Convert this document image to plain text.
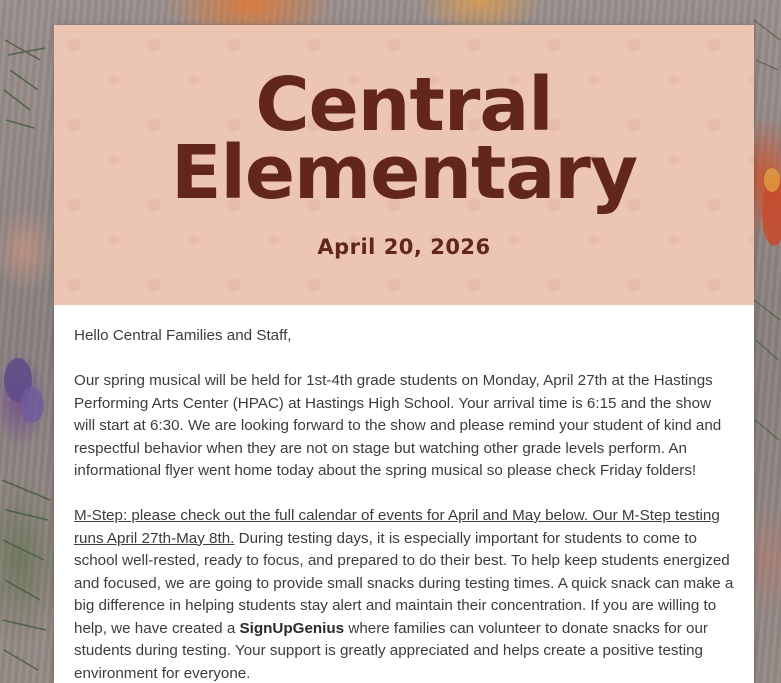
Central
Elementary
April 20, 2026

Hello Central Families and Staff,

Our spring musical will be held for 1st-4th grade students on Monday, April 27th at the Hastings Performing Arts Center (HPAC) at Hastings High School. Your arrival time is 6:15 and the show will start at 6:30. We are looking forward to the show and please remind your student of kind and respectful behavior when they are not on stage but watching other grade levels perform. An informational flyer went home today about the spring musical so please check Friday folders!

M-Step: please check out the full calendar of events for April and May below. Our M-Step testing runs April 27th-May 8th. During testing days, it is especially important for students to come to school well-rested, ready to focus, and prepared to do their best. To help keep students energized and focused, we are going to provide small snacks during testing times. A quick snack can make a big difference in helping students stay alert and maintain their concentration. If you are willing to help, we have created a SignUpGenius where families can volunteer to donate snacks for our students during testing. Your support is greatly appreciated and helps create a positive testing environment for everyone.
